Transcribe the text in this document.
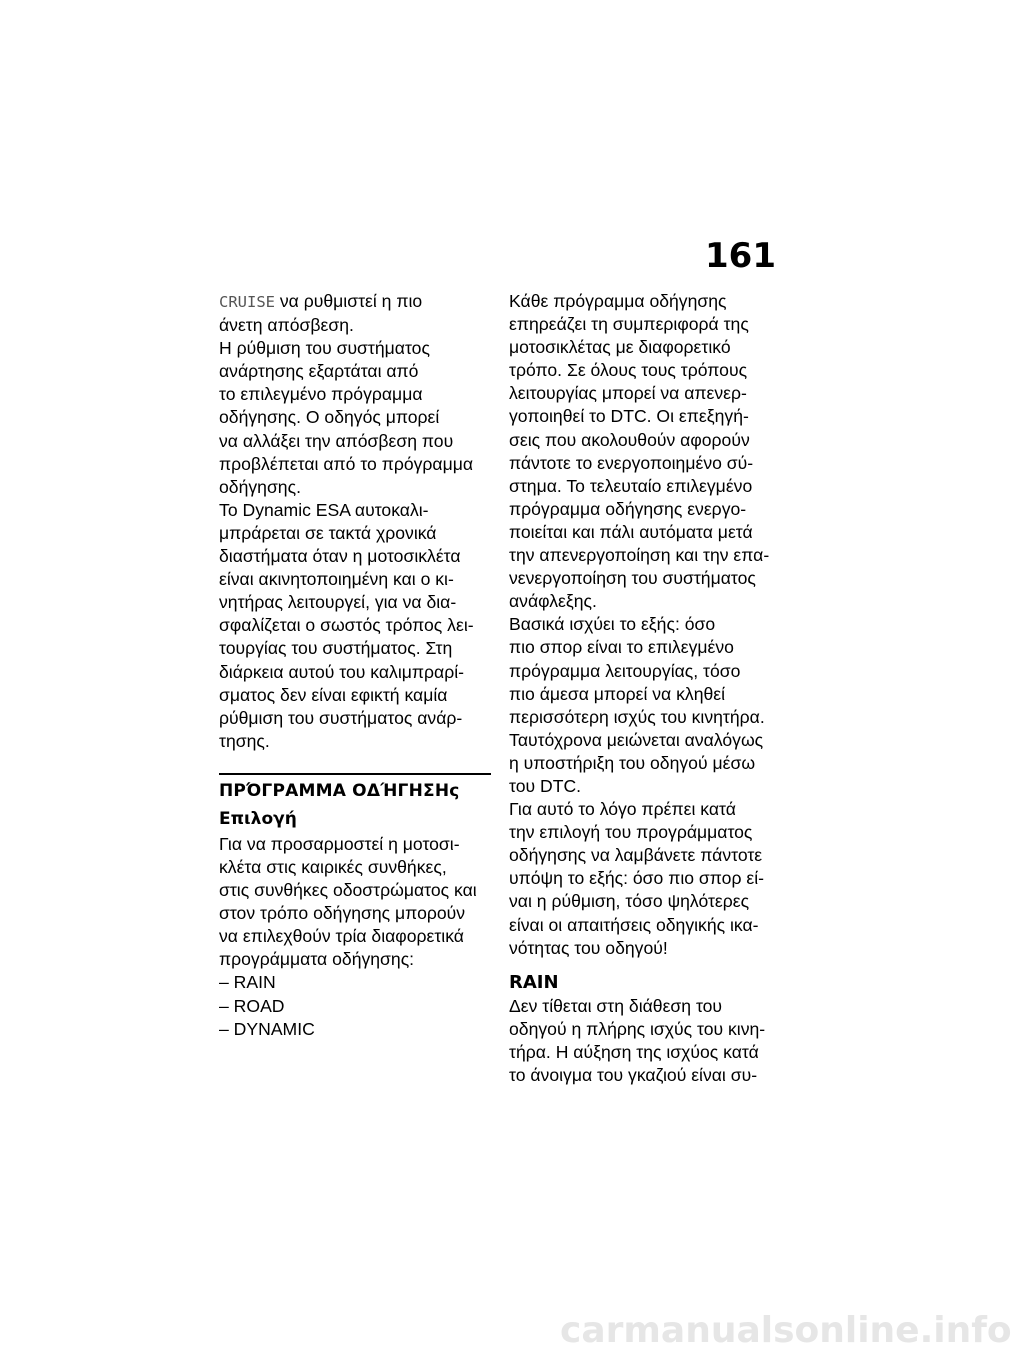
161

CRUISE να ρυθμιστεί η πιο
άνετη απόσβεση.
Η ρύθμιση του συστήματος
ανάρτησης εξαρτάται από
το επιλεγμένο πρόγραμμα
οδήγησης. Ο οδηγός μπορεί
να αλλάξει την απόσβεση που
προβλέπεται από το πρόγραμμα
οδήγησης.

Το Dynamic ESA αυτοκαλι-
μπράρεται σε τακτά χρονικά
διαστήματα όταν η μοτοσικλέτα
είναι ακινητοποιημένη και ο κι-
νητήρας λειτουργεί, για να δια-
σφαλίζεται ο σωστός τρόπος λει-
τουργίας του συστήματος. Στη
διάρκεια αυτού του καλιμπραρί-
σματος δεν είναι εφικτή καμία
ρύθμιση του συστήματος ανάρ-
τησης.

ΠΡΌΓΡΑΜΜΑ ΟΔΉΓΗΣΗς
Επιλογή

Για να προσαρμοστεί η μοτοσι-
κλέτα στις καιρικές συνθήκες,
στις συνθήκες οδοστρώματος και
στον τρόπο οδήγησης μπορούν
να επιλεχθούν τρία διαφορετικά
προγράμματα οδήγησης:
– RAIN
– ROAD
– DYNAMIC

Κάθε πρόγραμμα οδήγησης
επηρεάζει τη συμπεριφορά της
μοτοσικλέτας με διαφορετικό
τρόπο. Σε όλους τους τρόπους
λειτουργίας μπορεί να απενερ-
γοποιηθεί το DTC. Οι επεξηγή-
σεις που ακολουθούν αφορούν
πάντοτε το ενεργοποιημένο σύ-
στημα. Το τελευταίο επιλεγμένο
πρόγραμμα οδήγησης ενεργο-
ποιείται και πάλι αυτόματα μετά
την απενεργοποίηση και την επα-
νενεργοποίηση του συστήματος
ανάφλεξης.

Βασικά ισχύει το εξής: όσο
πιο σπορ είναι το επιλεγμένο
πρόγραμμα λειτουργίας, τόσο
πιο άμεσα μπορεί να κληθεί
περισσότερη ισχύς του κινητήρα.
Ταυτόχρονα μειώνεται αναλόγως
η υποστήριξη του οδηγού μέσω
του DTC.

Για αυτό το λόγο πρέπει κατά
την επιλογή του προγράμματος
οδήγησης να λαμβάνετε πάντοτε
υπόψη το εξής: όσο πιο σπορ εί-
ναι η ρύθμιση, τόσο ψηλότερες
είναι οι απαιτήσεις οδηγικής ικα-
νότητας του οδηγού!

RAIN

Δεν τίθεται στη διάθεση του
οδηγού η πλήρης ισχύς του κινη-
τήρα. Η αύξηση της ισχύος κατά
το άνοιγμα του γκαζιού είναι συ-

carmanualsonline.info
